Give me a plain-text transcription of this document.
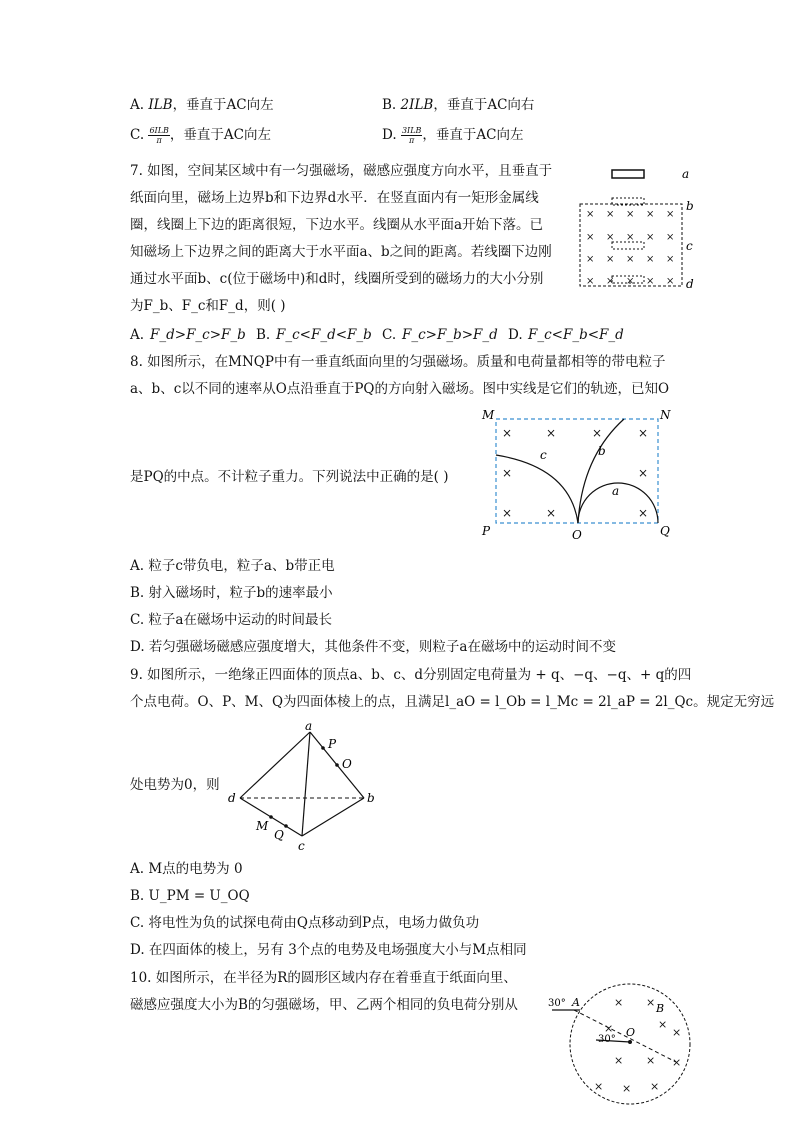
A. ILB，垂直于AC向左	B. 2ILB，垂直于AC向右
C. $\frac{\text{6ILB}}{\pi}$ ，垂直于AC向左	D. $\frac{\text{3ILB}}{\pi}$ ，垂直于AC向左
7. 如图，空间某区域中有一匀强磁场，磁感应强度方向水平，且垂直于
纸面向里，磁场上边界b和下边界d水平．在竖直面内有一矩形金属线
圈，线圈上下边的距离很短，下边水平。线圈从水平面a开始下落。已
知磁场上下边界之间的距离大于水平面a、b之间的距离。若线圈下边刚
通过水平面b、c(位于磁场中)和d时，线圈所受到的磁场力的大小分别
为F_b、F_c和F_d，则( )
A. F_d>F_c>F_b B. F_c<F_d<F_b C. F_c>F_b>F_d D. F_c<F_b<F_d
× × × × ×
× × × × ×
× × × × ×
× × × × ×
a
b
c
d
8. 如图所示，在MNQP中有一垂直纸面向里的匀强磁场。质量和电荷量都相等的带电粒子
a、b、c以不同的速率从O点沿垂直于PQ的方向射入磁场。图中实线是它们的轨迹，已知O
是PQ的中点。不计粒子重力。下列说法中正确的是( )
×	×	×	×
×	×
×	×	×
M	N
P	Q
O
a
b
c
A. 粒子c带负电，粒子a、b带正电
B. 射入磁场时，粒子b的速率最小
C. 粒子a在磁场中运动的时间最长
D. 若匀强磁场磁感应强度增大，其他条件不变，则粒子a在磁场中的运动时间不变
9. 如图所示，一绝缘正四面体的顶点a、b、c、d分别固定电荷量为 + q、−q、−q、+ q的四
个点电荷。O、P、M、Q为四面体棱上的点，且满足l_aO = l_Ob = l_Mc = 2l_aP = 2l_Qc。规定无穷远
处电势为0，则
a
P
O
d	b
M
Q
c
A. M点的电势为 0
B. U_PM = U_OQ
C. 将电性为负的试探电荷由Q点移动到P点，电场力做负功
D. 在四面体的棱上，另有 3个点的电势及电场强度大小与M点相同
10. 如图所示，在半径为R的圆形区域内存在着垂直于纸面向里、
磁感应强度大小为B的匀强磁场，甲、乙两个相同的负电荷分别从	× ×
×	×
×
×
× ×
× × ×
30° A
O
30°
B
